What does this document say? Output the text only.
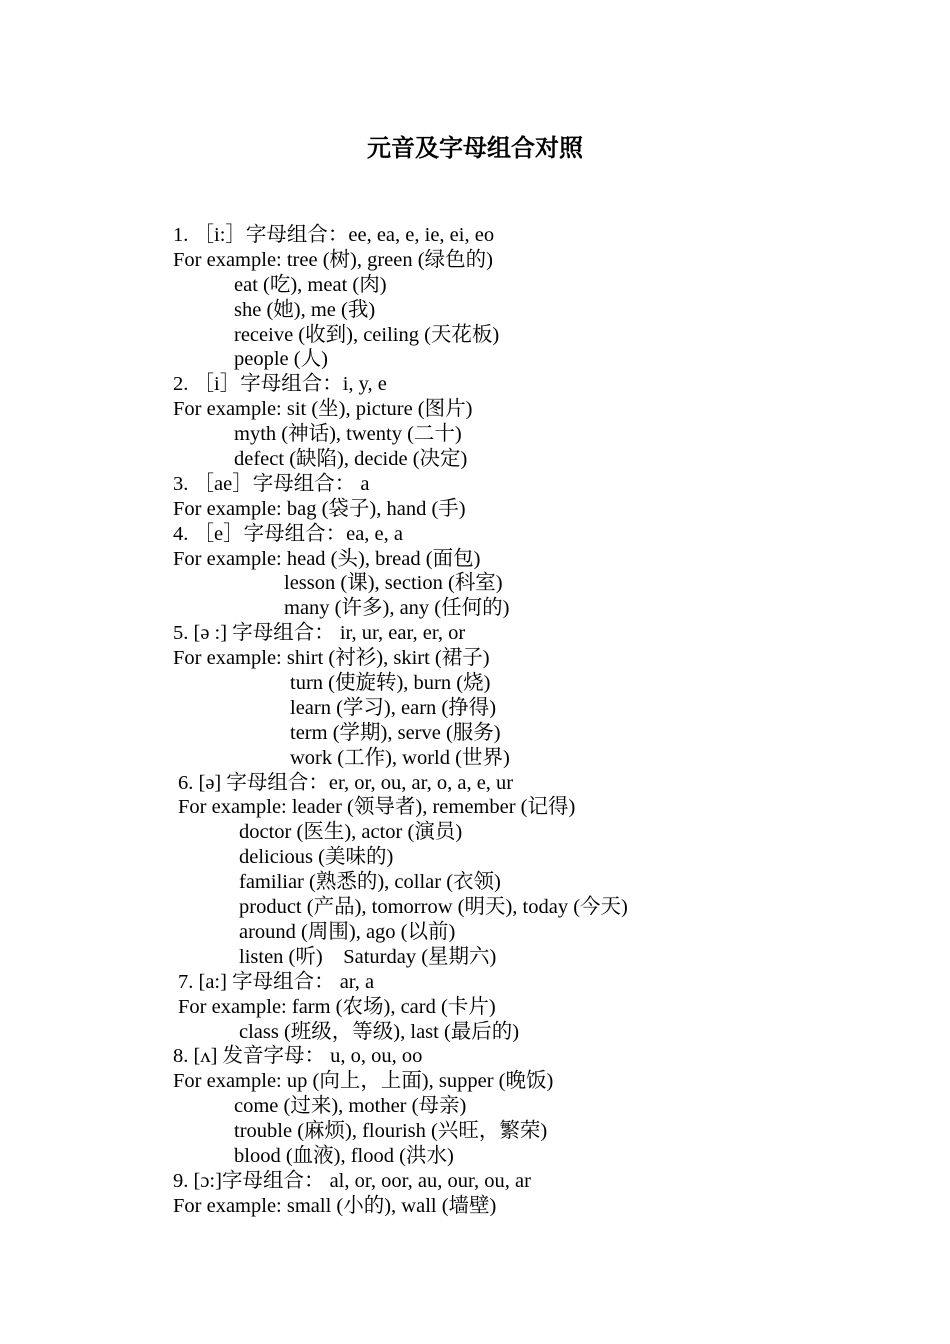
元音及字母组合对照
1. ［i:］字母组合：ee, ea, e, ie, ei, eo
For example: tree (树), green (绿色的)
eat (吃), meat (肉)
she (她), me (我)
receive (收到), ceiling (天花板)
people (人)
2. ［i］字母组合：i, y, e
For example: sit (坐), picture (图片)
myth (神话), twenty (二十)
defect (缺陷), decide (决定)
3. ［ae］字母组合： a
For example: bag (袋子), hand (手)
4. ［e］字母组合：ea, e, a
For example: head (头), bread (面包)
lesson (课), section (科室)
many (许多), any (任何的)
5. [ə :] 字母组合： ir, ur, ear, er, or
For example: shirt (衬衫), skirt (裙子)
turn (使旋转), burn (烧)
learn (学习), earn (挣得)
term (学期), serve (服务)
work (工作), world (世界)
6. [ə] 字母组合：er, or, ou, ar, o, a, e, ur
For example: leader (领导者), remember (记得)
doctor (医生), actor (演员)
delicious (美味的)
familiar (熟悉的), collar (衣领)
product (产品), tomorrow (明天), today (今天)
around (周围), ago (以前)
listen (听)    Saturday (星期六)
7. [a:] 字母组合： ar, a
For example: farm (农场), card (卡片)
class (班级，等级), last (最后的)
8. [ʌ] 发音字母： u, o, ou, oo
For example: up (向上，上面), supper (晚饭)
come (过来), mother (母亲)
trouble (麻烦), flourish (兴旺，繁荣)
blood (血液), flood (洪水)
9. [ɔ:]字母组合： al, or, oor, au, our, ou, ar
For example: small (小的), wall (墙壁)
